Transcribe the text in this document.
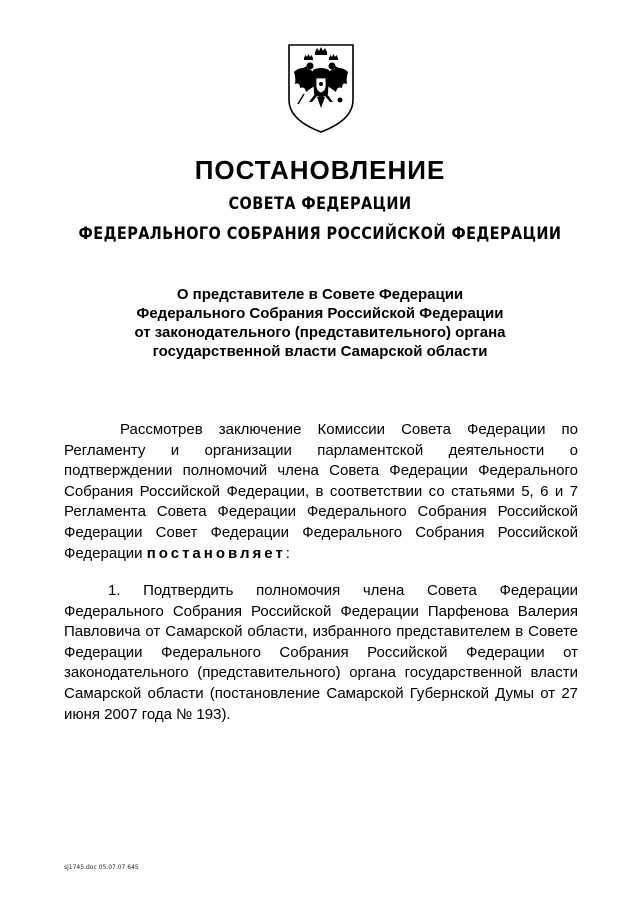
ПОСТАНОВЛЕНИЕ
СОВЕТА ФЕДЕРАЦИИ
ФЕДЕРАЛЬНОГО СОБРАНИЯ РОССИЙСКОЙ ФЕДЕРАЦИИ
О представителе в Совете Федерации
Федерального Собрания Российской Федерации
от законодательного (представительного) органа
государственной власти Самарской области
Рассмотрев заключение Комиссии Совета Федерации по Регламенту и организации парламентской деятельности о подтверждении полномочий члена Совета Федерации Федерального Собрания Российской Федерации, в соответствии со статьями 5, 6 и 7 Регламента Совета Федерации Федерального Собрания Российской Федерации Совет Федерации Федерального Собрания Российской Федерации постановляет:
1. Подтвердить полномочия члена Совета Федерации Федерального Собрания Российской Федерации Парфенова Валерия Павловича от Самарской области, избранного представителем в Совете Федерации Федерального Собрания Российской Федерации от законодательного (представительного) органа государственной власти Самарской области (постановление Самарской Губернской Думы от 27 июня 2007 года № 193).
sj1745.doc 05.07.07 645
